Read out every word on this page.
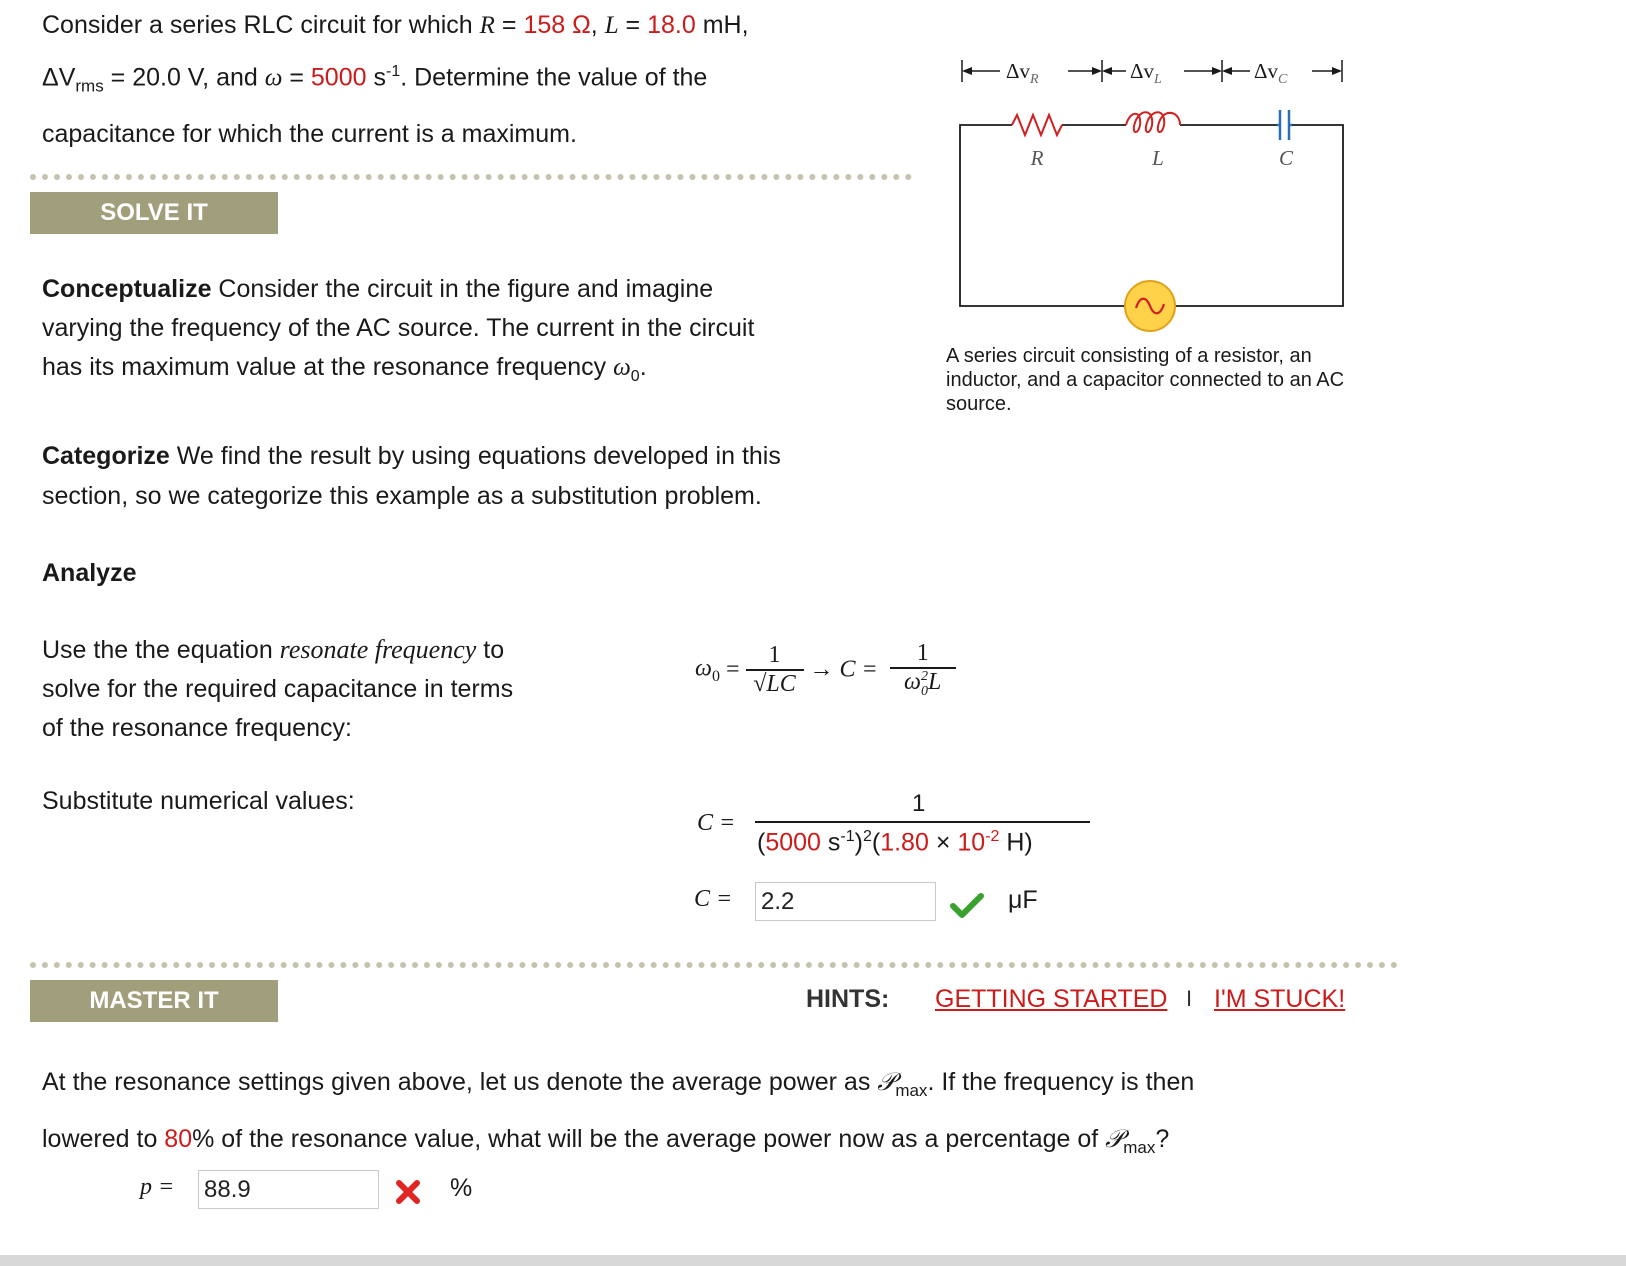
Consider a series RLC circuit for which R = 158 Ω, L = 18.0 mH,
$\Delta V_{rms} = 20.0$ V, and ω = 5000 $s^{-1}$. Determine the value of the
capacitance for which the current is a maximum.
$\Delta v_R$	$\Delta v_L$	$\Delta v_C$
R	L	C
A series circuit consisting of a resistor, an inductor, and a capacitor connected to an AC source.
SOLVE IT
Conceptualize Consider the circuit in the figure and imagine
varying the frequency of the AC source. The current in the circuit
has its maximum value at the resonance frequency $\omega_0$.
Categorize We find the result by using equations developed in this
section, so we categorize this example as a substitution problem.
Analyze
Use the the equation resonate frequency to
solve for the required capacitance in terms
of the resonance frequency:
$\omega_0 = \frac{1}{√LC} \to C = \frac{1}{\omega_0^2L}$
Substitute numerical values:
C =
1
(5000 $s^{-1})^2(1.80 \times 10^{-2}$ H)
C = 2.2	μF
MASTER IT	HINTS: GETTING STARTED I I'M STUCK!
At the resonance settings given above, let us denote the average power as 𝒫$_{max}$. If the frequency is then
lowered to 80% of the resonance value, what will be the average power now as a percentage of 𝒫$_{max}$?
p = 88.9	%
